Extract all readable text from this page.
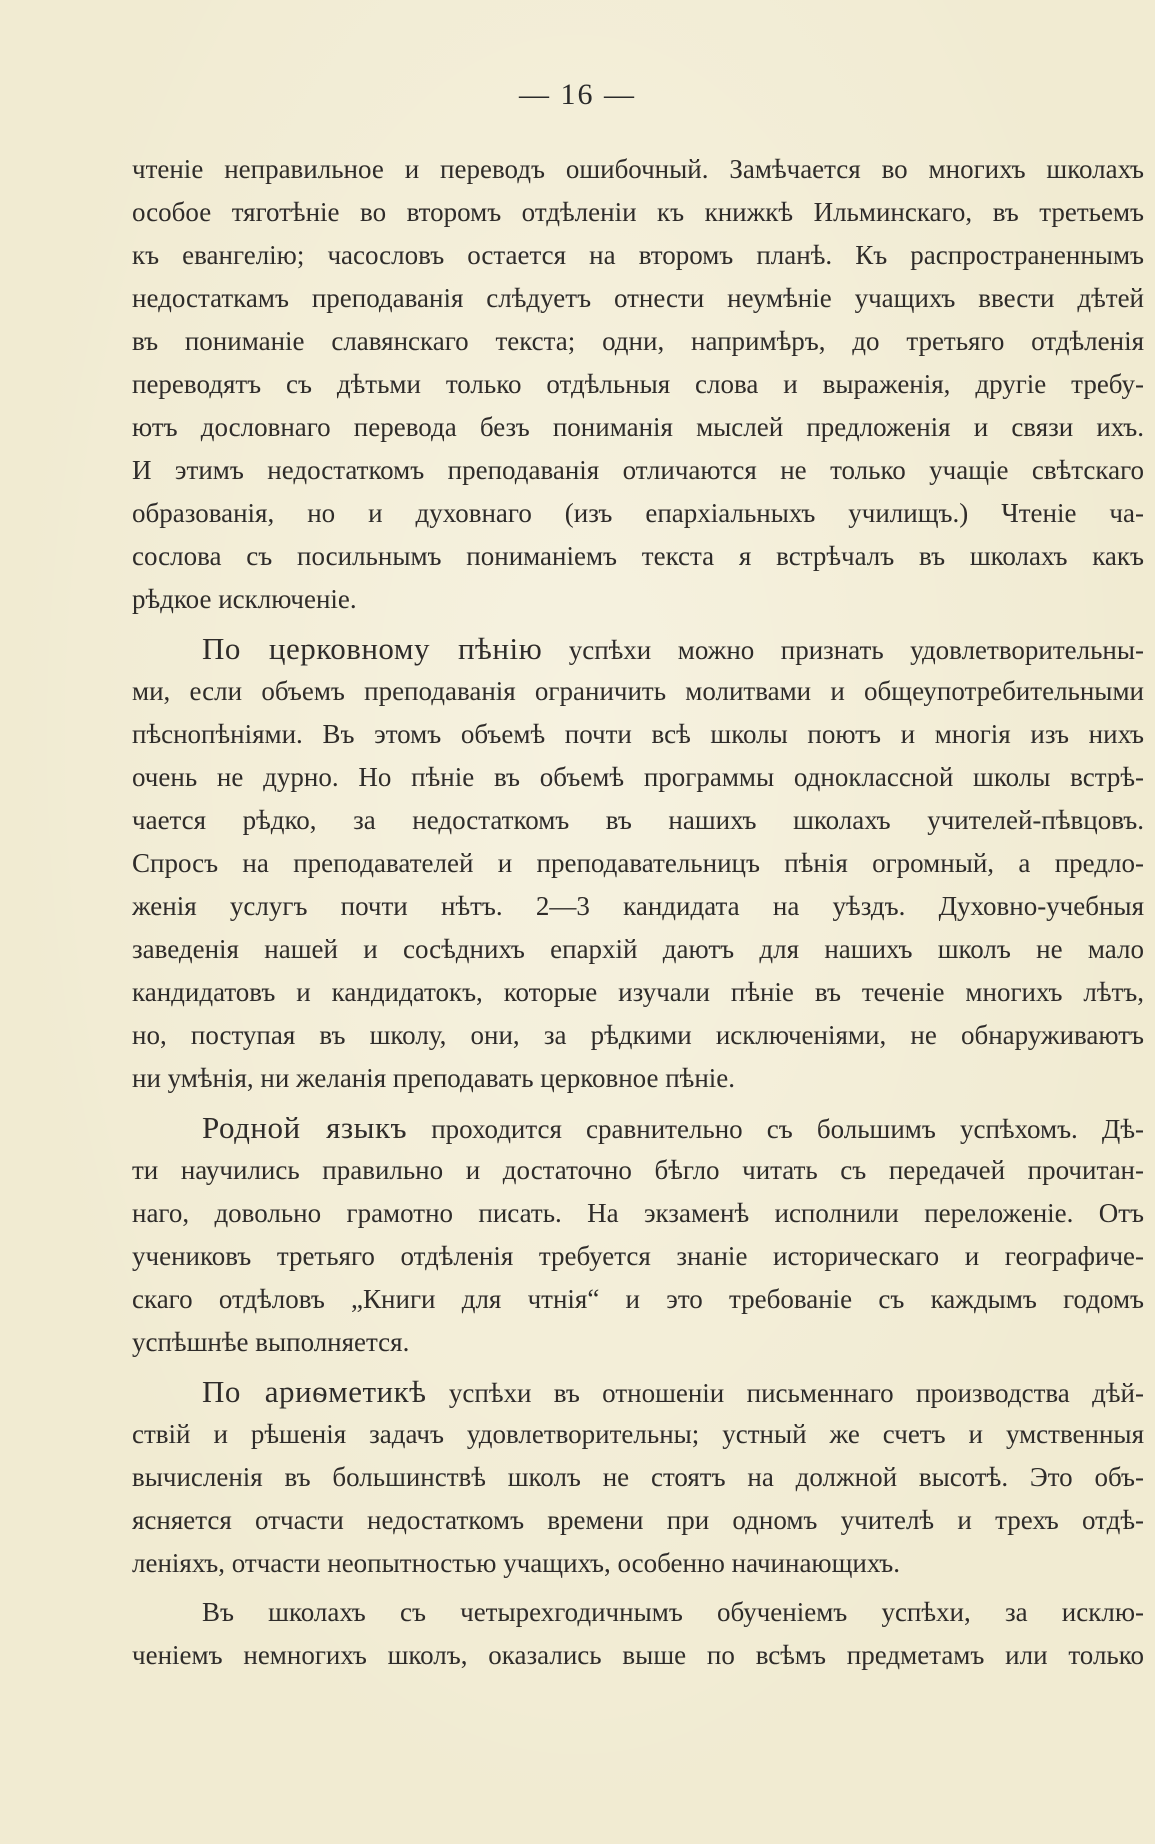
— 16 —
чтеніе неправильное и переводъ ошибочный. Замѣчается во многихъ школахъ
особое тяготѣніе во второмъ отдѣленіи къ книжкѣ Ильминскаго, въ третьемъ
къ евангелію; часословъ остается на второмъ планѣ. Къ распространеннымъ
недостаткамъ преподаванія слѣдуетъ отнести неумѣніе учащихъ ввести дѣтей
въ пониманіе славянскаго текста; одни, напримѣръ, до третьяго отдѣленія
переводятъ съ дѣтьми только отдѣльныя слова и выраженія, другіе требу-
ютъ дословнаго перевода безъ пониманія мыслей предложенія и связи ихъ.
И этимъ недостаткомъ преподаванія отличаются не только учащіе свѣтскаго
образованія, но и духовнаго (изъ епархіальныхъ училищъ.) Чтеніе ча-
сослова съ посильнымъ пониманіемъ текста я встрѣчалъ въ школахъ какъ
рѣдкое исключеніе.
По церковному пѣнію успѣхи можно признать удовлетворительны-
ми, если объемъ преподаванія ограничить молитвами и общеупотребительными
пѣснопѣніями. Въ этомъ объемѣ почти всѣ школы поютъ и многія изъ нихъ
очень не дурно. Но пѣніе въ объемѣ программы одноклассной школы встрѣ-
чается рѣдко, за недостаткомъ въ нашихъ школахъ учителей-пѣвцовъ.
Спросъ на преподавателей и преподавательницъ пѣнія огромный, а предло-
женія услугъ почти нѣтъ. 2—3 кандидата на уѣздъ. Духовно-учебныя
заведенія нашей и сосѣднихъ епархій даютъ для нашихъ школъ не мало
кандидатовъ и кандидатокъ, которые изучали пѣніе въ теченіе многихъ лѣтъ,
но, поступая въ школу, они, за рѣдкими исключеніями, не обнаруживаютъ
ни умѣнія, ни желанія преподавать церковное пѣніе.
Родной языкъ проходится сравнительно съ большимъ успѣхомъ. Дѣ-
ти научились правильно и достаточно бѣгло читать съ передачей прочитан-
наго, довольно грамотно писать. На экзаменѣ исполнили переложеніе. Отъ
учениковъ третьяго отдѣленія требуется знаніе историческаго и географиче-
скаго отдѣловъ „Книги для чтнія“ и это требованіе съ каждымъ годомъ
успѣшнѣе выполняется.
По ариѳметикѣ успѣхи въ отношеніи письменнаго производства дѣй-
ствій и рѣшенія задачъ удовлетворительны; устный же счетъ и умственныя
вычисленія въ большинствѣ школъ не стоятъ на должной высотѣ. Это объ-
ясняется отчасти недостаткомъ времени при одномъ учителѣ и трехъ отдѣ-
леніяхъ, отчасти неопытностью учащихъ, особенно начинающихъ.
Въ школахъ съ четырехгодичнымъ обученіемъ успѣхи, за исклю-
ченіемъ немногихъ школъ, оказались выше по всѣмъ предметамъ или только
